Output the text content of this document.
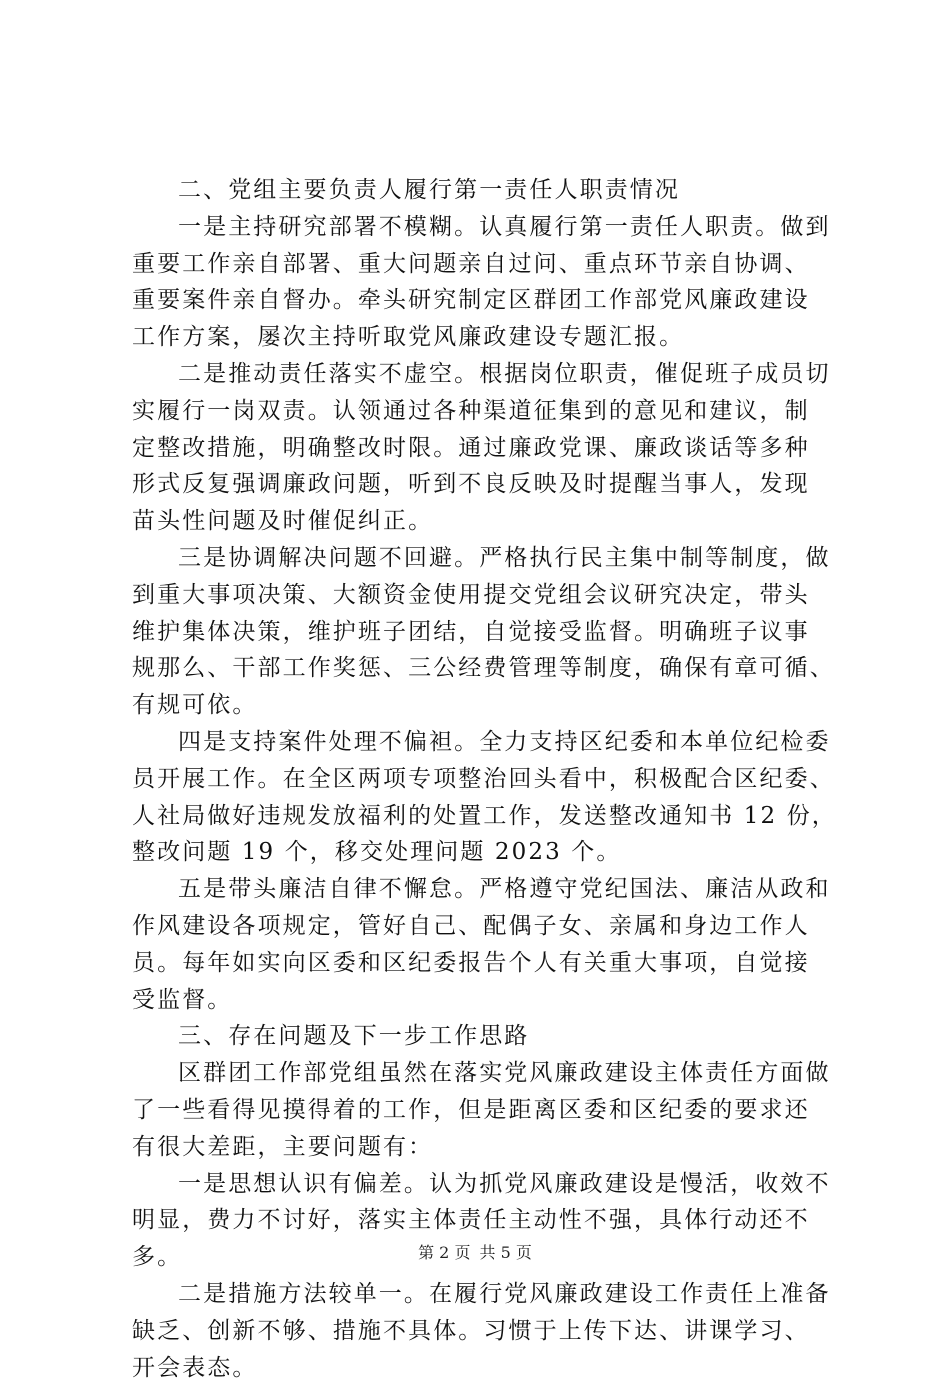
二、党组主要负责人履行第一责任人职责情况
一是主持研究部署不模糊。认真履行第一责任人职责。做到
重要工作亲自部署、重大问题亲自过问、重点环节亲自协调、
重要案件亲自督办。牵头研究制定区群团工作部党风廉政建设
工作方案，屡次主持听取党风廉政建设专题汇报。
二是推动责任落实不虚空。根据岗位职责，催促班子成员切
实履行一岗双责。认领通过各种渠道征集到的意见和建议，制
定整改措施，明确整改时限。通过廉政党课、廉政谈话等多种
形式反复强调廉政问题，听到不良反映及时提醒当事人，发现
苗头性问题及时催促纠正。
三是协调解决问题不回避。严格执行民主集中制等制度，做
到重大事项决策、大额资金使用提交党组会议研究决定，带头
维护集体决策，维护班子团结，自觉接受监督。明确班子议事
规那么、干部工作奖惩、三公经费管理等制度，确保有章可循、
有规可依。
四是支持案件处理不偏袒。全力支持区纪委和本单位纪检委
员开展工作。在全区两项专项整治回头看中，积极配合区纪委、
人社局做好违规发放福利的处置工作，发送整改通知书 12 份，
整改问题 19 个，移交处理问题 2023 个。
五是带头廉洁自律不懈怠。严格遵守党纪国法、廉洁从政和
作风建设各项规定，管好自己、配偶子女、亲属和身边工作人
员。每年如实向区委和区纪委报告个人有关重大事项，自觉接
受监督。
三、存在问题及下一步工作思路
区群团工作部党组虽然在落实党风廉政建设主体责任方面做
了一些看得见摸得着的工作，但是距离区委和区纪委的要求还
有很大差距，主要问题有：
一是思想认识有偏差。认为抓党风廉政建设是慢活，收效不
明显，费力不讨好，落实主体责任主动性不强，具体行动还不
多。
二是措施方法较单一。在履行党风廉政建设工作责任上准备
缺乏、创新不够、措施不具体。习惯于上传下达、讲课学习、
开会表态。
第 2 页 共 5 页
